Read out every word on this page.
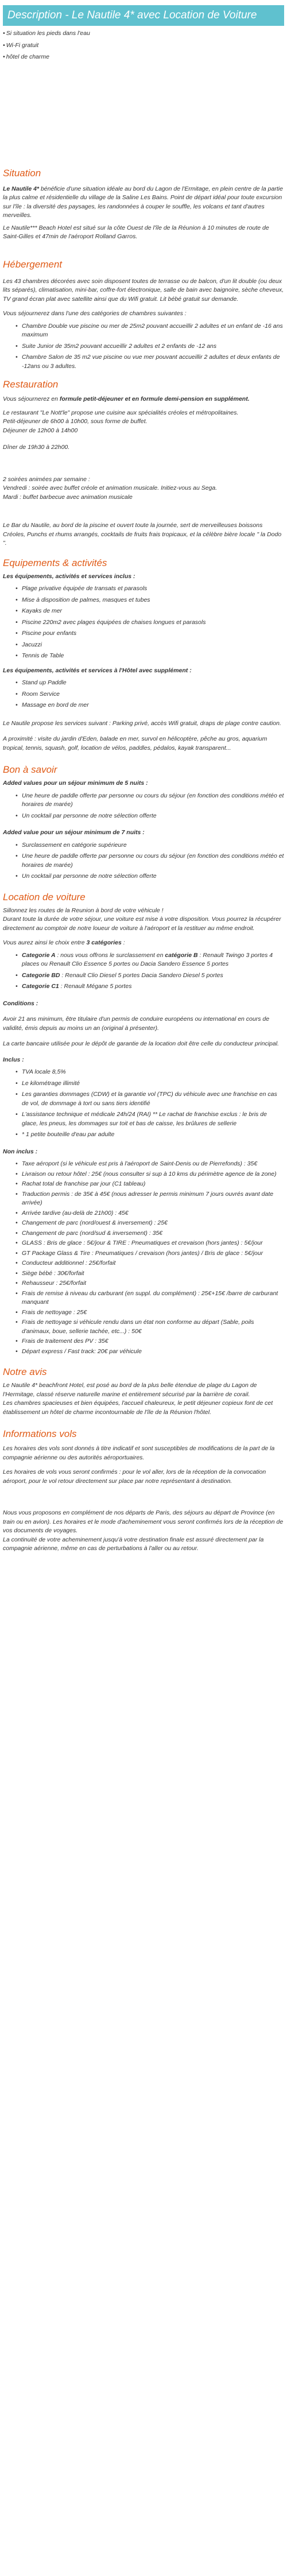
Description - Le Nautile 4* avec Location de Voiture
• Si situation les pieds dans l'eau
• Wi-Fi gratuit
• hôtel de charme
Situation

Le Nautile 4* bénéficie d'une situation idéale au bord du Lagon de l'Ermitage, en plein centre de la partie la plus calme et résidentielle du village de la Saline Les Bains. Point de départ idéal pour toute excursion sur l'île : la diversité des paysages, les randonnées à couper le souffle, les volcans et tant d'autres merveilles.

Le Nautile*** Beach Hotel est situé sur la côte Ouest de l'île de la Réunion à 10 minutes de route de Saint-Gilles et 47min de l'aéroport Rolland Garros.

Hébergement

Les 43 chambres décorées avec soin disposent toutes de terrasse ou de balcon, d'un lit double (ou deux lits séparés), climatisation, mini-bar, coffre-fort électronique, salle de bain avec baignoire, sèche cheveux, TV grand écran plat avec satellite ainsi que du Wifi gratuit. Lit bébé gratuit sur demande.

Vous séjournerez dans l'une des catégories de chambres suivantes :

• Chambre Double vue piscine ou mer de 25m2 pouvant accueillir 2 adultes et un enfant de -16 ans maximum
• Suite Junior de 35m2 pouvant accueillir 2 adultes et 2 enfants de -12 ans
• Chambre Salon de 35 m2 vue piscine ou vue mer pouvant accueillir 2 adultes et deux enfants de -12ans ou 3 adultes.
Restauration

Vous séjournerez en formule petit-déjeuner et en formule demi-pension en supplément.

Le restaurant "Le Nott'le" propose une cuisine aux spécialités créoles et métropolitaines.

Petit-déjeuner de 6h00 à 10h00, sous forme de buffet.

Déjeuner de 12h00 à 14h00

Dîner de 19h30 à 22h00.

2 soirées animées par semaine :

Vendredi : soirée avec buffet créole et animation musicale. Initiez-vous au Sega.

Mardi : buffet barbecue avec animation musicale

Le Bar du Nautile, au bord de la piscine et ouvert toute la journée, sert de merveilleuses boissons Créoles, Punchs et rhums arrangés, cocktails de fruits frais tropicaux, et la célèbre bière locale " la Dodo ".

Equipements & activités

Les équipements, activités et services inclus :

• Plage privative équipée de transats et parasols
• Mise à disposition de palmes, masques et tubes
• Kayaks de mer
• Piscine 220m2 avec plages équipées de chaises longues et parasols
• Piscine pour enfants
• Jacuzzi
• Tennis de Table

Les équipements, activités et services à l'Hôtel avec supplément :

• Stand up Paddle
• Room Service
• Massage en bord de mer

Le Nautile propose les services suivant : Parking privé, accès Wifi gratuit, draps de plage contre caution.

A proximité : visite du jardin d'Eden, balade en mer, survol en hélicoptère, pêche au gros, aquarium tropical, tennis, squash, golf, location de vélos, paddles, pédalos, kayak transparent...

Bon à savoir

Added values pour un séjour minimum de 5 nuits :

• Une heure de paddle offerte par personne ou cours du séjour (en fonction des conditions météo et horaires de marée)
• Un cocktail par personne de notre sélection offerte

Added value pour un séjour minimum de 7 nuits :

• Surclassement en catégorie supérieure
• Une heure de paddle offerte par personne ou cours du séjour (en fonction des conditions météo et horaires de marée)
• Un cocktail par personne de notre sélection offerte
Location de voiture

Sillonnez les routes de la Reunion à bord de votre véhicule !

Durant toute la durée de votre séjour, une voiture est mise à votre disposition. Vous pourrez la récupérer directement au comptoir de notre loueur de voiture à l'aéroport et la restituer au même endroit.

Vous aurez ainsi le choix entre 3 catégories :

• Categorie A : nous vous offrons le surclassement en catégorie B : Renault Twingo 3 portes 4 places ou Renault Clio Essence 5 portes ou Dacia Sandero Essence 5 portes
• Categorie BD : Renault Clio Diesel 5 portes Dacia Sandero Diesel 5 portes
• Categorie C1 : Renault Mégane 5 portes

Conditions :

Avoir 21 ans minimum, être titulaire d'un permis de conduire européens ou international en cours de validité, émis depuis au moins un an (original à présenter).

La carte bancaire utilisée pour le dépôt de garantie de la location doit être celle du conducteur principal.

Inclus :

• TVA locale 8,5%
• Le kilométrage illimité
• Les garanties dommages (CDW) et la garantie vol (TPC) du véhicule avec une franchise en cas de vol, de dommage à tort ou sans tiers identifié
• L'assistance technique et médicale 24h/24 (RAI) ** Le rachat de franchise exclus : le bris de glace, les pneus, les dommages sur toit et bas de caisse, les brûlures de sellerie
• * 1 petite bouteille d'eau par adulte

Non inclus :

• Taxe aéroport (si le véhicule est pris à l'aéroport de Saint-Denis ou de Pierrefonds) : 35€
• Livraison ou retour hôtel : 25€ (nous consulter si sup à 10 kms du périmètre agence de la zone)
• Rachat total de franchise par jour (C1 tableau)
• Traduction permis : de 35€ à 45€ (nous adresser le permis minimum 7 jours ouvrés avant date arrivée)
• Arrivée tardive (au-delà de 21h00) : 45€
• Changement de parc (nord/ouest & inversement) : 25€
• Changement de parc (nord/sud & inversement) : 35€
• GLASS : Bris de glace : 5€/jour & TIRE : Pneumatiques et crevaison (hors jantes) : 5€/jour
• GT Package Glass & Tire : Pneumatiques / crevaison (hors jantes) / Bris de glace : 5€/jour
• Conducteur additionnel : 25€/forfait
• Siège bébé : 30€/forfait
• Rehausseur : 25€/forfait
• Frais de remise à niveau du carburant (en suppl. du complément) : 25€+15€ /barre de carburant manquant
• Frais de nettoyage : 25€
• Frais de nettoyage si véhicule rendu dans un état non conforme au départ (Sable, poils d'animaux, boue, sellerie tachée, etc...) : 50€
• Frais de traitement des PV : 35€
• Départ express / Fast track: 20€ par véhicule
Notre avis

Le Nautile 4* beachfront Hotel, est posé au bord de la plus belle étendue de plage du Lagon de l'Hermitage, classé réserve naturelle marine et entièrement sécurisé par la barrière de corail.

Les chambres spacieuses et bien équipées, l'accueil chaleureux, le petit déjeuner copieux font de cet établissement un hôtel de charme incontournable de l'île de la Réunion l'hôtel.

Informations vols

Les horaires des vols sont donnés à titre indicatif et sont susceptibles de modifications de la part de la compagnie aérienne ou des autorités aéroportuaires.

Les horaires de vols vous seront confirmés : pour le vol aller, lors de la réception de la convocation aéroport, pour le vol retour directement sur place par notre représentant à destination.

Nous vous proposons en complément de nos départs de Paris, des séjours au départ de Province (en train ou en avion). Les horaires et le mode d'acheminement vous seront confirmés lors de la réception de vos documents de voyages.

La continuité de votre acheminement jusqu'à votre destination finale est assuré directement par la compagnie aérienne, même en cas de perturbations à l'aller ou au retour.
